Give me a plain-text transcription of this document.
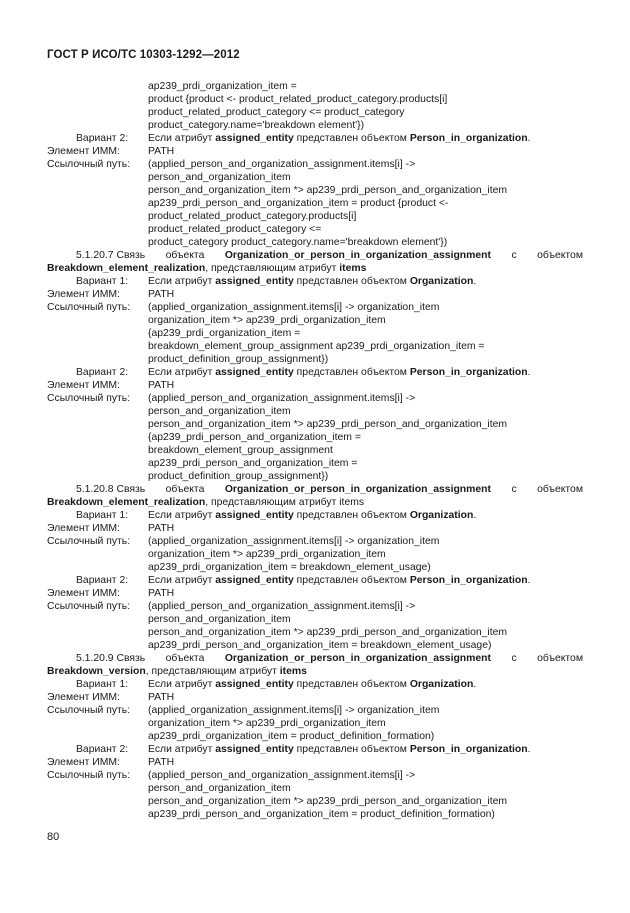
ГОСТ Р ИСО/ТС 10303-1292—2012
ap239_prdi_organization_item =
product {product <- product_related_product_category.products[i]
product_related_product_category <= product_category
product_category.name='breakdown element'})
Вариант 2:	Если атрибут assigned_entity представлен объектом Person_in_organization.
Элемент ИММ:	PATH
Ссылочный путь:	(applied_person_and_organization_assignment.items[i] ->
person_and_organization_item
person_and_organization_item *> ap239_prdi_person_and_organization_item
ap239_prdi_person_and_organization_item = product {product <-
product_related_product_category.products[i]
product_related_product_category <=
product_category product_category.name='breakdown element'})
5.1.20.7 Связь объекта Organization_or_person_in_organization_assignment с объектом
Breakdown_element_realization, представляющим атрибут items
Вариант 1:	Если атрибут assigned_entity представлен объектом Organization.
Элемент ИММ:	PATH
Ссылочный путь:	(applied_organization_assignment.items[i] -> organization_item
organization_item *> ap239_prdi_organization_item
{ap239_prdi_organization_item =
breakdown_element_group_assignment ap239_prdi_organization_item =
product_definition_group_assignment})
Вариант 2:	Если атрибут assigned_entity представлен объектом Person_in_organization.
Элемент ИММ:	PATH
Ссылочный путь:	(applied_person_and_organization_assignment.items[i] ->
person_and_organization_item
person_and_organization_item *> ap239_prdi_person_and_organization_item
{ap239_prdi_person_and_organization_item =
breakdown_element_group_assignment
ap239_prdi_person_and_organization_item =
product_definition_group_assignment})
5.1.20.8 Связь объекта Organization_or_person_in_organization_assignment с объектом
Breakdown_element_realization, представляющим атрибут items
Вариант 1:	Если атрибут assigned_entity представлен объектом Organization.
Элемент ИММ:	PATH
Ссылочный путь:	(applied_organization_assignment.items[i] -> organization_item
organization_item *> ap239_prdi_organization_item
ap239_prdi_organization_item = breakdown_element_usage)
Вариант 2:	Если атрибут assigned_entity представлен объектом Person_in_organization.
Элемент ИММ:	PATH
Ссылочный путь:	(applied_person_and_organization_assignment.items[i] ->
person_and_organization_item
person_and_organization_item *> ap239_prdi_person_and_organization_item
ap239_prdi_person_and_organization_item = breakdown_element_usage)
5.1.20.9 Связь объекта Organization_or_person_in_organization_assignment с объектом
Breakdown_version, представляющим атрибут items
Вариант 1:	Если атрибут assigned_entity представлен объектом Organization.
Элемент ИММ:	PATH
Ссылочный путь:	(applied_organization_assignment.items[i] -> organization_item
organization_item *> ap239_prdi_organization_item
ap239_prdi_organization_item = product_definition_formation)
Вариант 2:	Если атрибут assigned_entity представлен объектом Person_in_organization.
Элемент ИММ:	PATH
Ссылочный путь:	(applied_person_and_organization_assignment.items[i] ->
person_and_organization_item
person_and_organization_item *> ap239_prdi_person_and_organization_item
ap239_prdi_person_and_organization_item = product_definition_formation)
80
